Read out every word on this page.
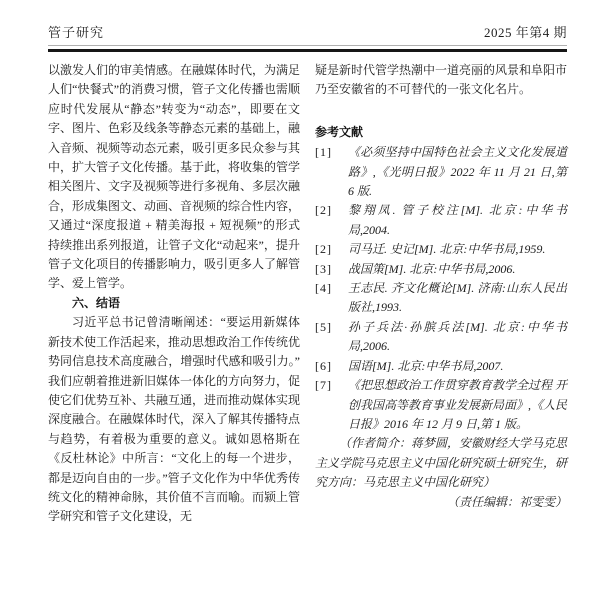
管子研究	2025 年第4 期

以激发人们的审美情感。在融媒体时代，为满足人们“快餐式”的消费习惯，管子文化传播也需顺应时代发展从“静态”转变为“动态”，即要在文字、图片、色彩及线条等静态元素的基础上，融入音频、视频等动态元素，吸引更多民众参与其中，扩大管子文化传播。基于此，将收集的管学相关图片、文字及视频等进行多视角、多层次融合，形成集图文、动画、音视频的综合性内容，又通过“深度报道 + 精美海报 + 短视频”的形式持续推出系列报道，让管子文化“动起来”，提升管子文化项目的传播影响力，吸引更多人了解管学、爱上管学。

六、结语

习近平总书记曾清晰阐述：“要运用新媒体新技术使工作活起来，推动思想政治工作传统优势同信息技术高度融合，增强时代感和吸引力。”我们应朝着推进新旧媒体一体化的方向努力，促使它们优势互补、共融互通，进而推动媒体实现深度融合。在融媒体时代，深入了解其传播特点与趋势，有着极为重要的意义。诚如恩格斯在《反杜林论》中所言：“文化上的每一个进步，都是迈向自由的一步。”管子文化作为中华优秀传统文化的精神命脉，其价值不言而喻。而颍上管学研究和管子文化建设，无

疑是新时代管学热潮中一道亮丽的风景和阜阳市乃至安徽省的不可替代的一张文化名片。

参考文献
[1]	《必须坚持中国特色社会主义文化发展道路》,《光明日报》2022 年 11 月 21 日,第 6 版.
[2]	黎翔凤. 管子校注[M]. 北京:中华书局,2004.
[2]	司马迁. 史记[M]. 北京:中华书局,1959.
[3]	战国策[M]. 北京:中华书局,2006.
[4]	王志民. 齐文化概论[M]. 济南:山东人民出版社,1993.
[5]	孙子兵法·孙膑兵法[M]. 北京:中华书局,2006.
[6]	国语[M]. 北京:中华书局,2007.
[7]	《把思想政治工作贯穿教育教学全过程 开创我国高等教育事业发展新局面》,《人民日报》2016 年 12 月 9 日,第 1 版。

（作者简介：蒋梦圆，安徽财经大学马克思主义学院马克思主义中国化研究硕士研究生，研究方向：马克思主义中国化研究）

（责任编辑：祁雯雯）
